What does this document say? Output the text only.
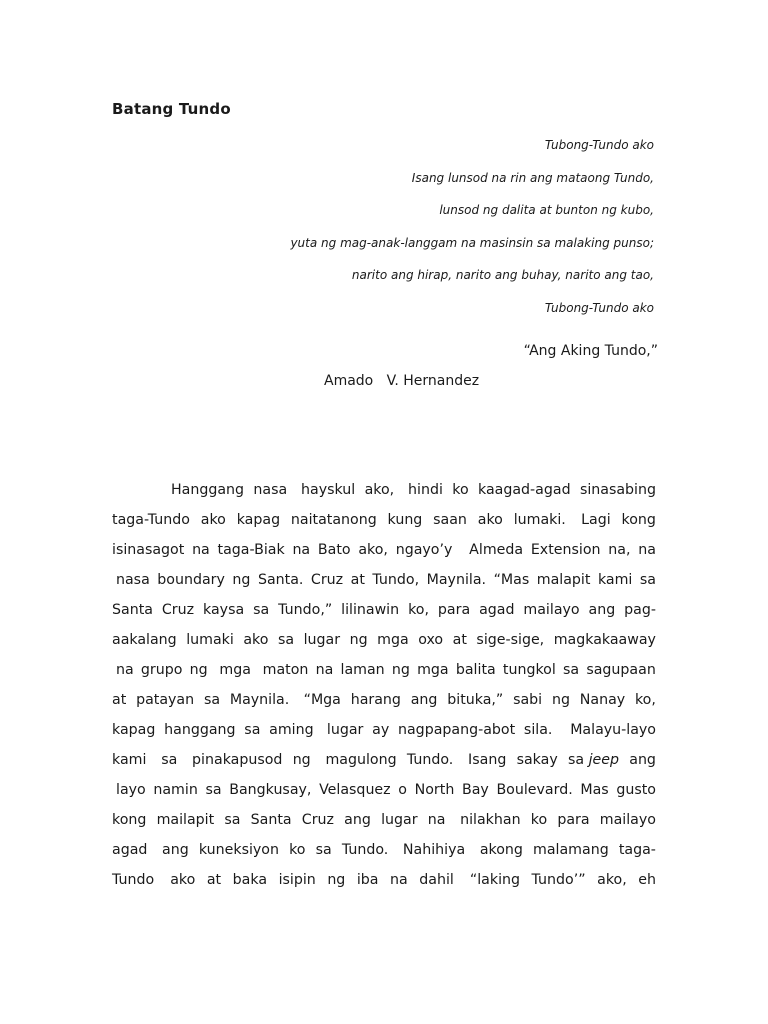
Batang Tundo
Tubong-Tundo ako
Isang lunsod na rin ang mataong Tundo,
lunsod ng dalita at bunton ng kubo,
yuta ng mag-anak-langgam na masinsin sa malaking punso;
narito ang hirap, narito ang buhay, narito ang tao,
Tubong-Tundo ako
“Ang Aking Tundo,”
Amado   V. Hernandez
Hanggang nasa hayskul ako, hindi ko kaagad-agad sinasabing
taga-Tundo ako kapag naitatanong kung saan ako lumaki. Lagi kong
isinasagot na taga-Biak na Bato ako, ngayo’y Almeda Extension na, na
nasa boundary ng Santa. Cruz at Tundo, Maynila. “Mas malapit kami sa
Santa Cruz kaysa sa Tundo,” lilinawin ko, para agad mailayo ang pag-
aakalang lumaki ako sa lugar ng mga oxo at sige-sige, magkakaaway
na grupo ng mga maton na laman ng mga balita tungkol sa sagupaan
at patayan sa Maynila. “Mga harang ang bituka,” sabi ng Nanay ko,
kapag hanggang sa aming lugar ay nagpapang-abot sila. Malayu-layo
kami sa pinakapusod ng magulong Tundo. Isang sakay sa jeep ang
layo namin sa Bangkusay, Velasquez o North Bay Boulevard. Mas gusto
kong mailapit sa Santa Cruz ang lugar na nilakhan ko para mailayo
agad ang kuneksiyon ko sa Tundo. Nahihiya akong malamang taga-
Tundo ako at baka isipin ng iba na dahil “laking Tundo’” ako, eh
